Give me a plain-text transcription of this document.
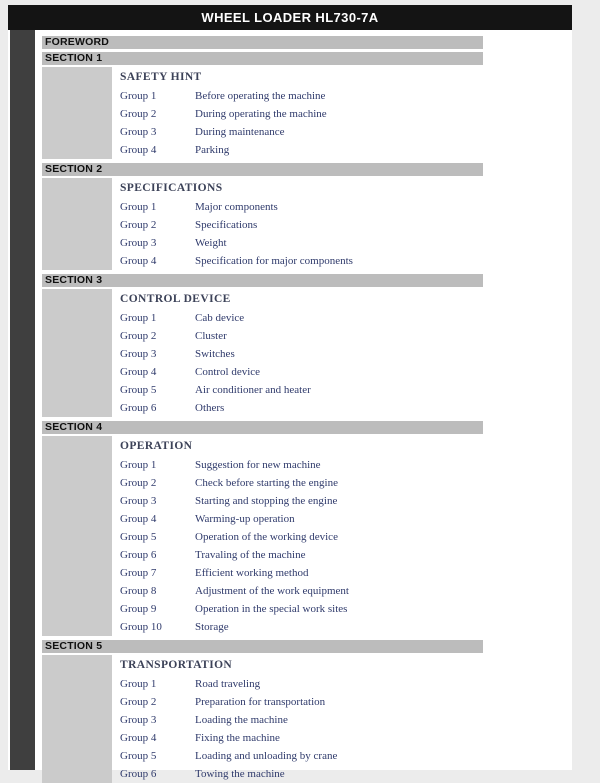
WHEEL LOADER HL730-7A
FOREWORD
SECTION 1
SAFETY HINT
Group 1	Before operating the machine
Group 2	During operating the machine
Group 3	During maintenance
Group 4	Parking
SECTION 2
SPECIFICATIONS
Group 1	Major components
Group 2	Specifications
Group 3	Weight
Group 4	Specification for major components
SECTION 3
CONTROL DEVICE
Group 1	Cab device
Group 2	Cluster
Group 3	Switches
Group 4	Control device
Group 5	Air conditioner and heater
Group 6	Others
SECTION 4
OPERATION
Group 1	Suggestion for new machine
Group 2	Check before starting the engine
Group 3	Starting and stopping the engine
Group 4	Warming-up operation
Group 5	Operation of the working device
Group 6	Travaling of the machine
Group 7	Efficient working method
Group 8	Adjustment of the work equipment
Group 9	Operation in the special work sites
Group 10	Storage
SECTION 5
TRANSPORTATION
Group 1	Road traveling
Group 2	Preparation for transportation
Group 3	Loading the machine
Group 4	Fixing the machine
Group 5	Loading and unloading by crane
Group 6	Towing the machine
